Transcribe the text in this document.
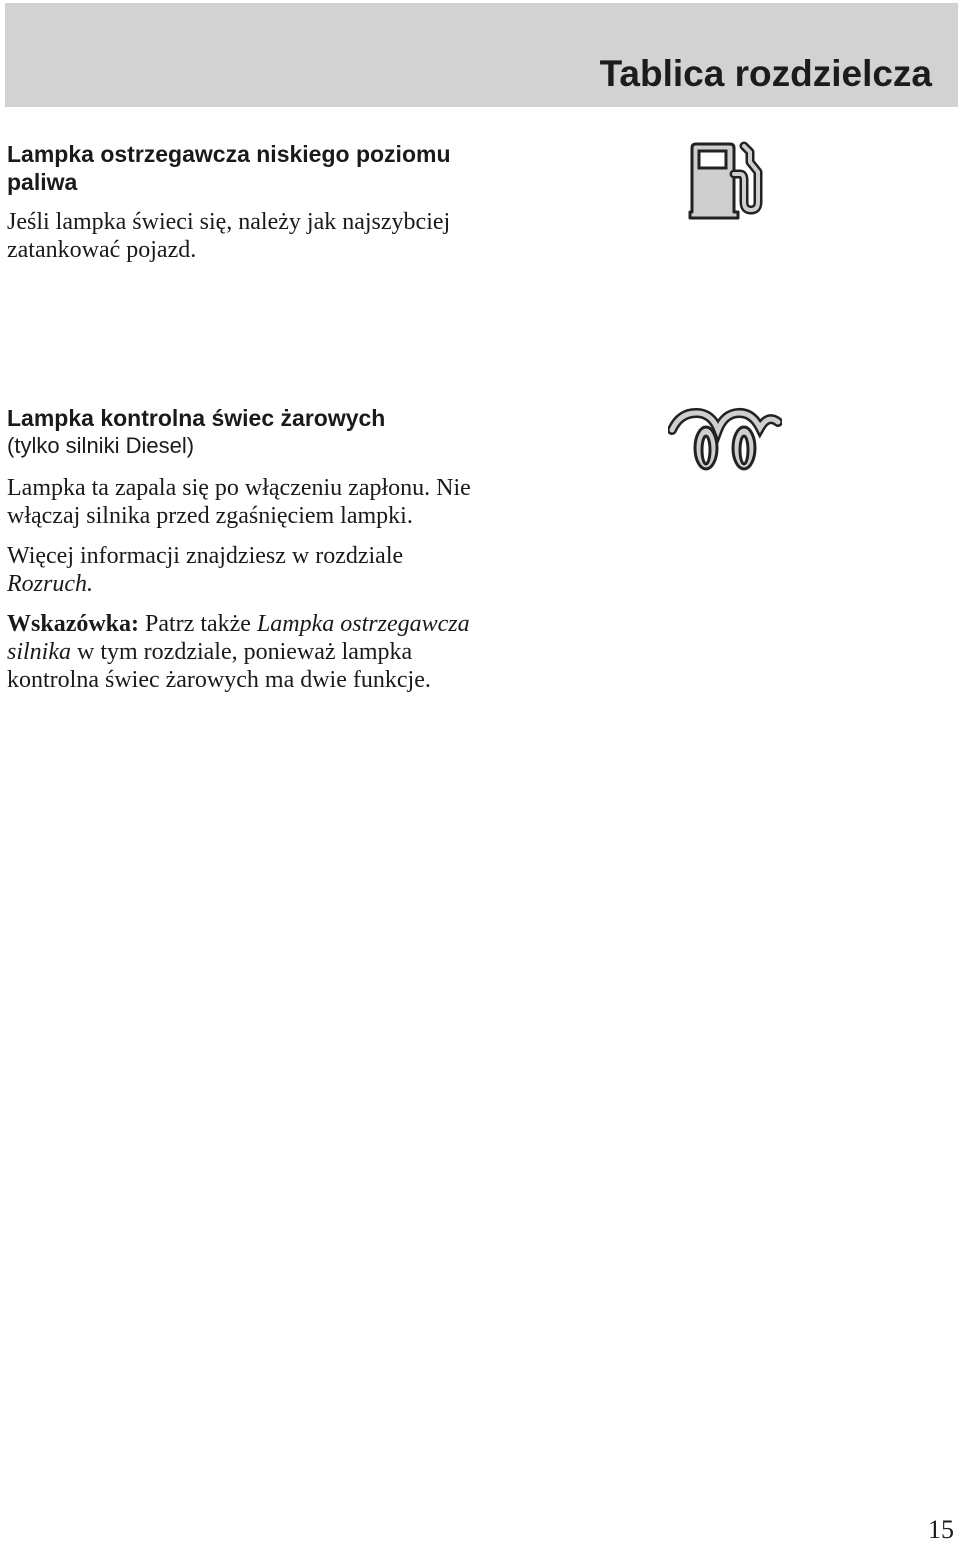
Tablica rozdzielcza
Lampka ostrzegawcza niskiego poziomu paliwa

Jeśli lampka świeci się, należy jak najszybciej zatankować pojazd.

Lampka kontrolna świec żarowych

(tylko silniki Diesel)

Lampka ta zapala się po włączeniu zapłonu. Nie włączaj silnika przed zgaśnięciem lampki.

Więcej informacji znajdziesz w rozdziale Rozruch.

Wskazówka: Patrz także Lampka ostrzegawcza silnika w tym rozdziale, ponieważ lampka kontrolna świec żarowych ma dwie funkcje.

15
